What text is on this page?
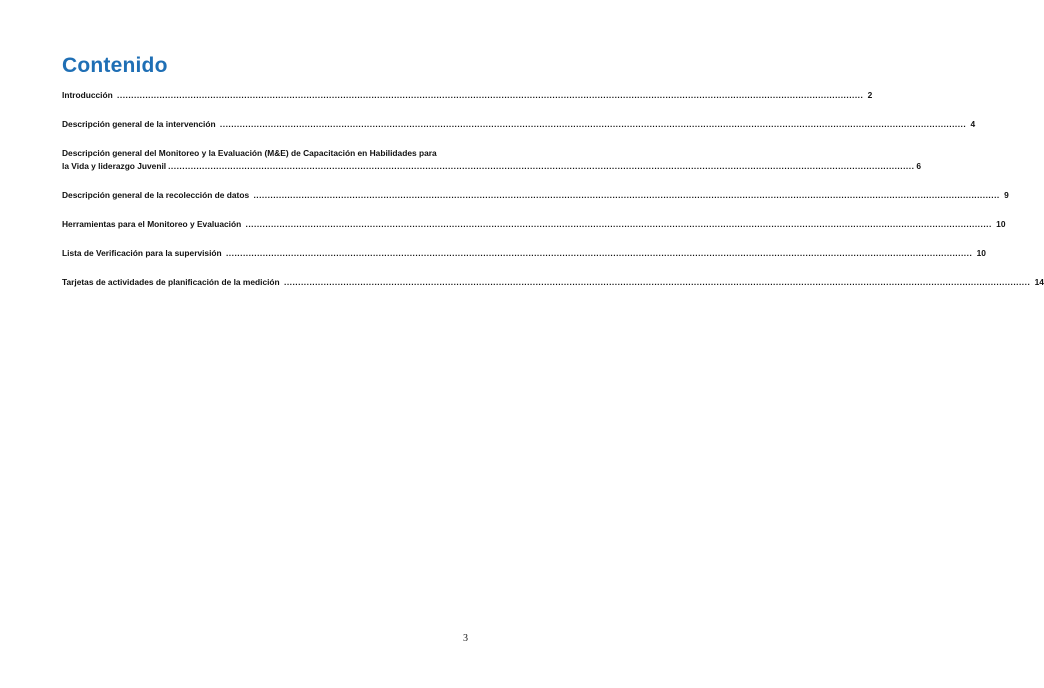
Contenido
Introducción .....	2
Descripción general de la intervención .....	4
Descripción general del Monitoreo y la Evaluación (M&E) de Capacitación en Habilidades para
la Vida y liderazgo Juvenil .....	6
Descripción general de la recolección de datos .....	9
Herramientas para el Monitoreo y Evaluación .....	10
Lista de Verificación para la supervisión .....	10
Tarjetas de actividades de planificación de la medición .....	14
3
